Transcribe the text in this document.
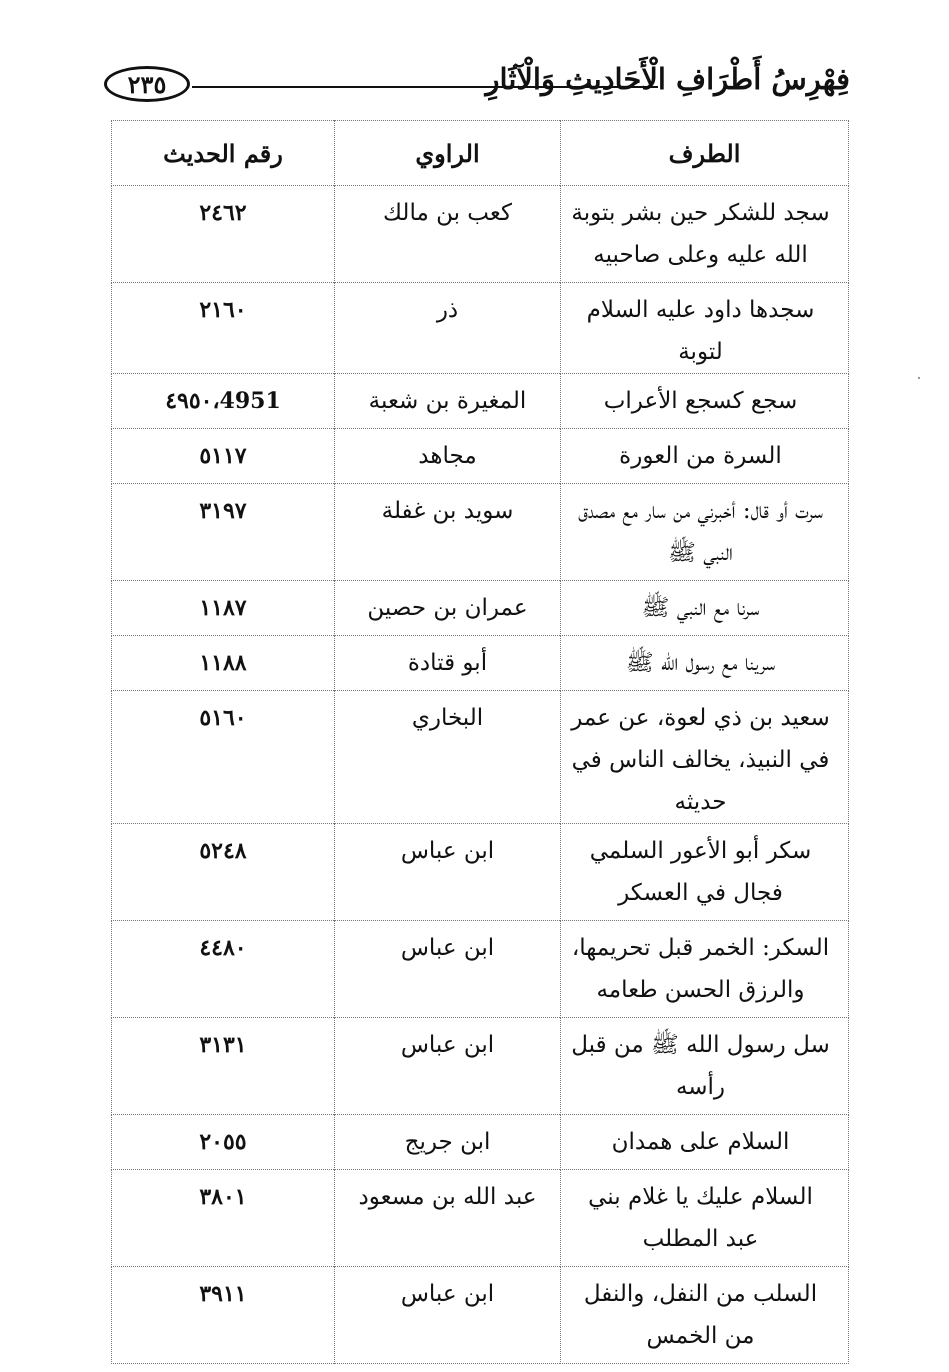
٢٣٥	فِهْرِسُ أَطْرَافِ الْأَحَادِيثِ وَالْآثَارِ
الطرف	الراوي	رقم الحديث
سجد للشكر حين بشر بتوبة الله عليه وعلى صاحبيه	كعب بن مالك	٢٤٦٢
سجدها داود عليه السلام لتوبة	ذر	٢١٦٠
سجع كسجع الأعراب	المغيرة بن شعبة	٤٩٥٠،4951
السرة من العورة	مجاهد	٥١١٧
سرت أو قال: أخبرني من سار مع مصدق النبي ﷺ	سويد بن غفلة	٣١٩٧
سرنا مع النبي ﷺ	عمران بن حصين	١١٨٧
سرينا مع رسول الله ﷺ	أبو قتادة	١١٨٨
سعيد بن ذي لعوة، عن عمر في النبيذ، يخالف الناس في حديثه	البخاري	٥١٦٠
سكر أبو الأعور السلمي فجال في العسكر	ابن عباس	٥٢٤٨
السكر: الخمر قبل تحريمها، والرزق الحسن طعامه	ابن عباس	٤٤٨٠
سل رسول الله ﷺ من قبل رأسه	ابن عباس	٣١٣١
السلام على همدان	ابن جريج	٢٠٥٥
السلام عليك يا غلام بني عبد المطلب	عبد الله بن مسعود	٣٨٠١
السلب من النفل، والنفل من الخمس	ابن عباس	٣٩١١
